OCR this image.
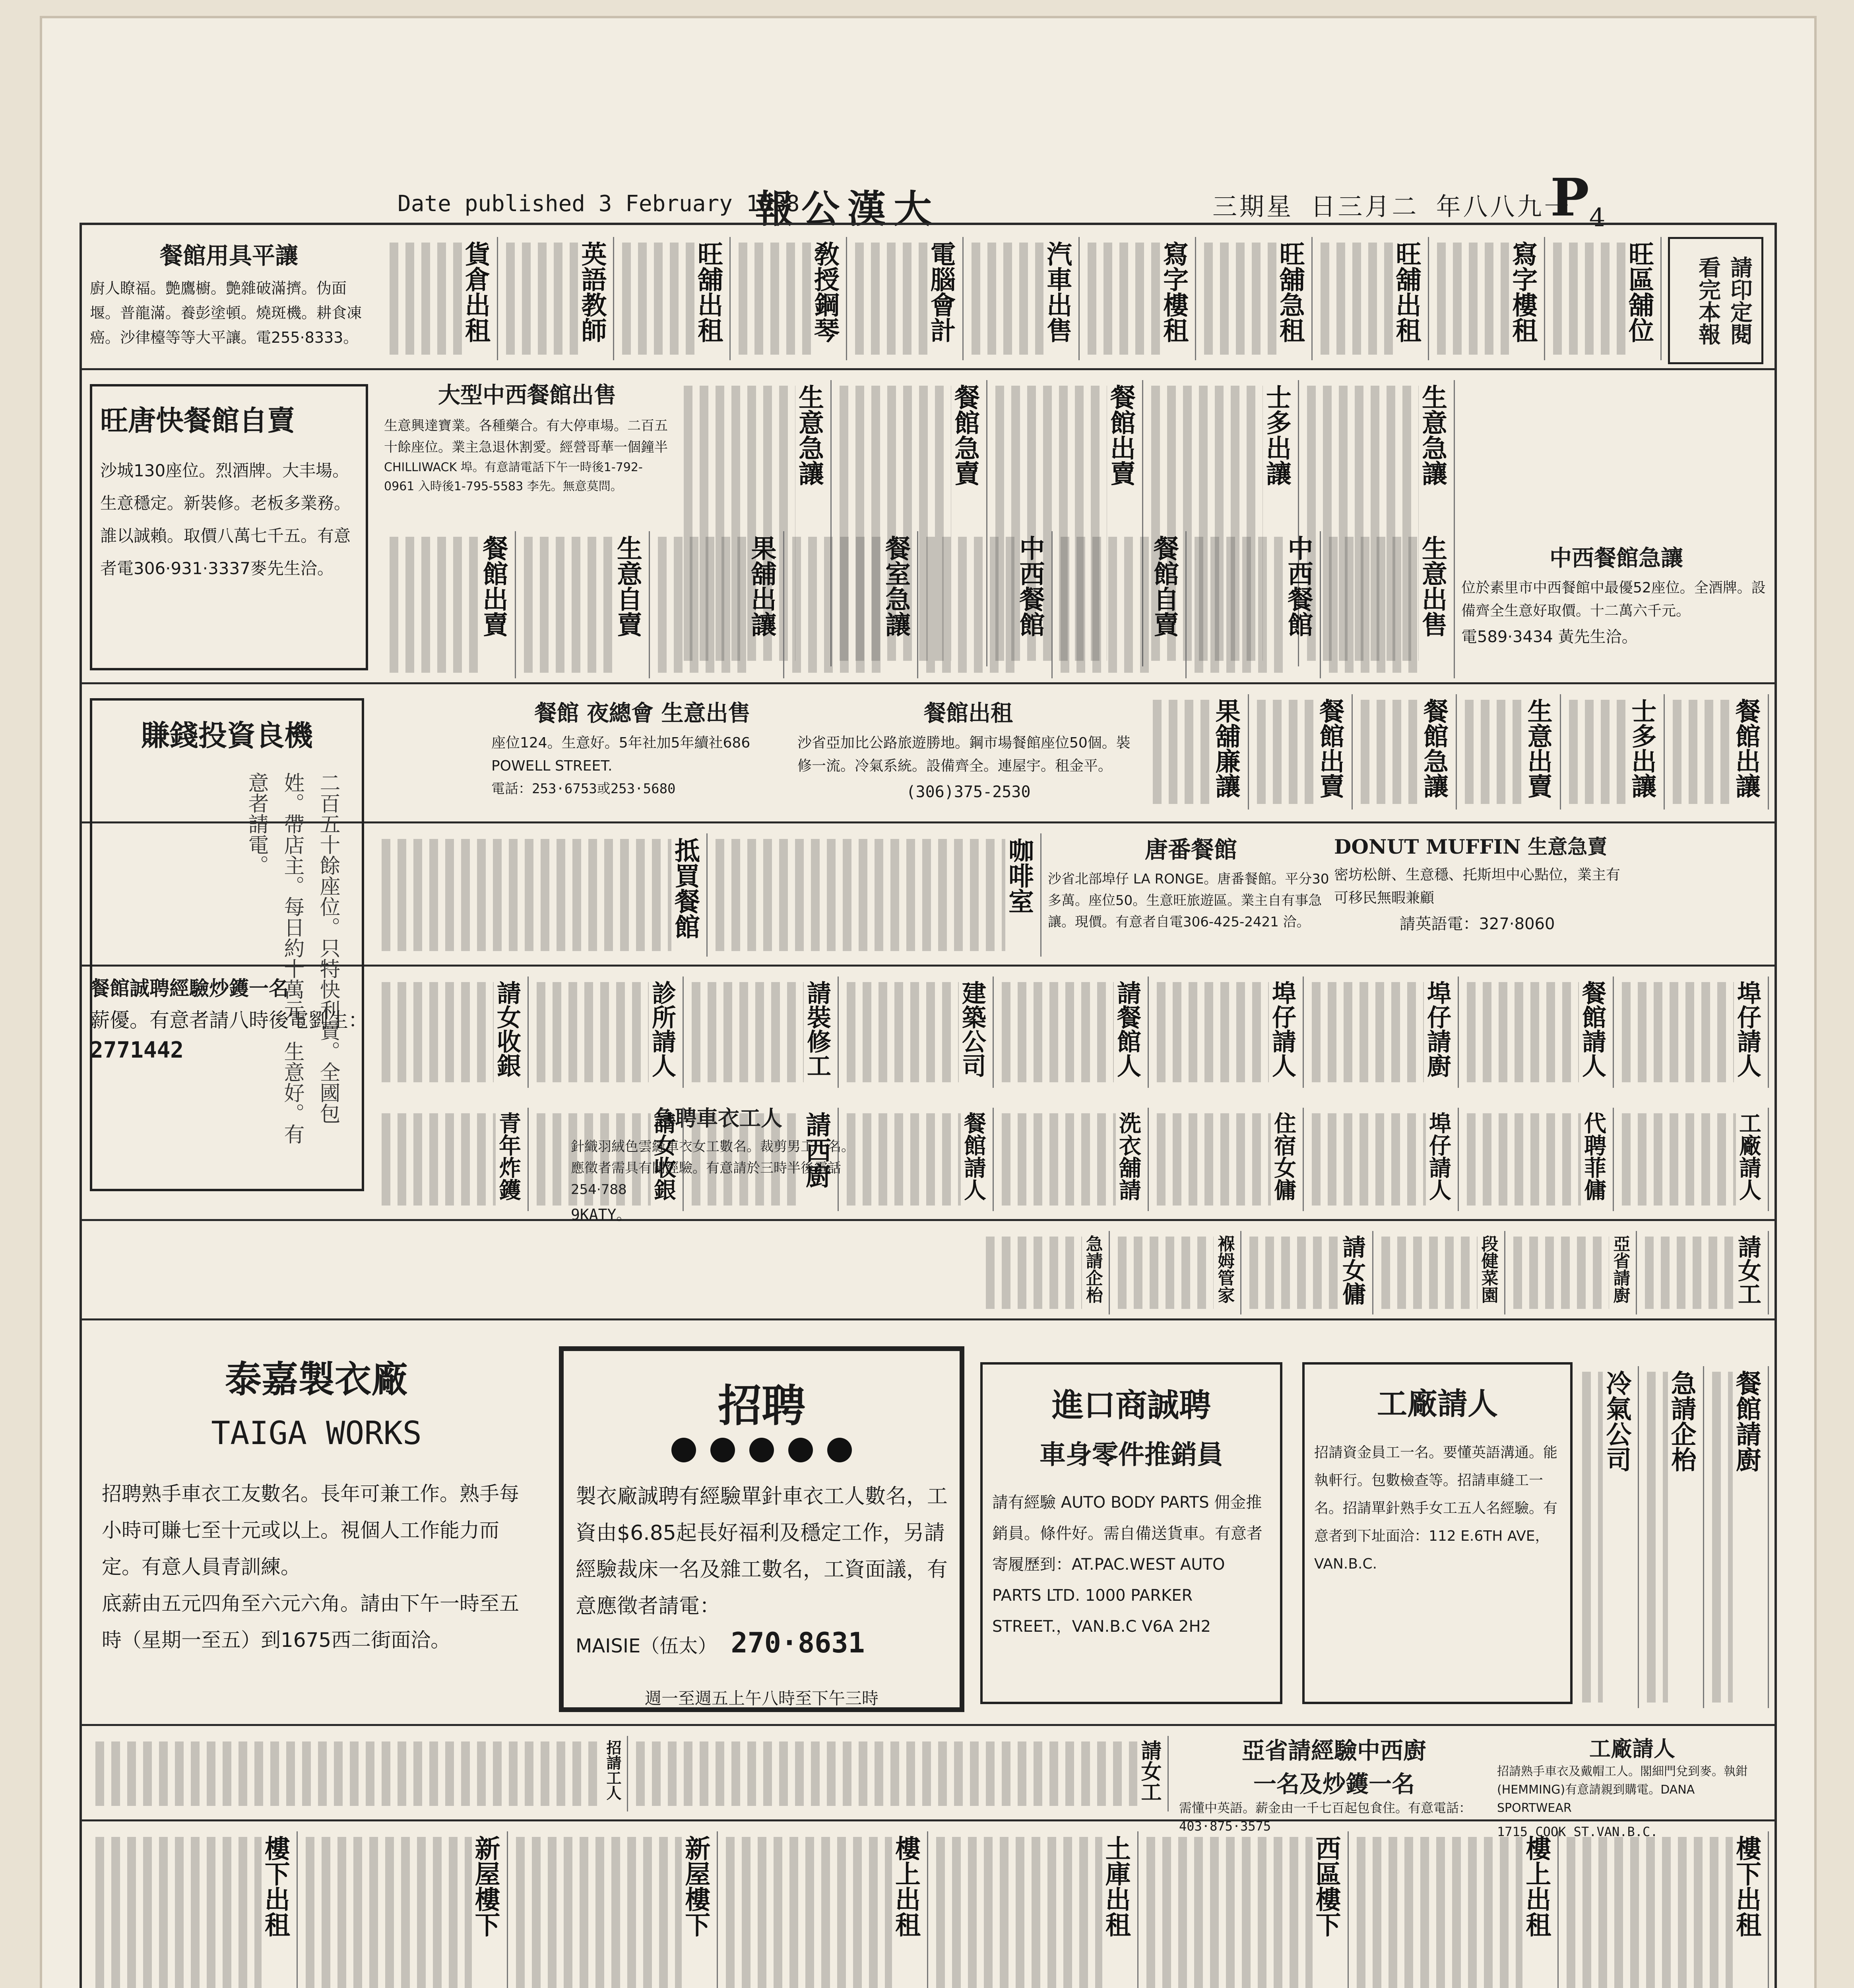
Date published 3 February 1988
報公漢大	三期星 日三月二 年八八九一
$P_4$
請印定閱 看完本報
餐館用具平讓
廚人瞭福。艶鷹櫥。艶雜破滿擠。伪面堰。普龍滿。養彭塗頓。燒斑機。耕食凍癌。沙律檯等等大平讓。電255·8333。
旺唐快餐館自賣
沙城130座位。烈酒牌。大丰場。生意穩定。新裝修。老板多業務。誰以誠賴。取價八萬七千五。有意者電306·931·3337麥先生洽。
大型中西餐館出售
生意興達寶業。各種藥合。有大停車場。二百五十餘座位。業主急退休割愛。經營哥華一個鐘半
CHILLIWACK 埠。有意請電話下午一時後1-792-0961 入時後1-795-5583 李先。無意莫問。
賺錢投資良機
二百五十餘座位。只特快利賣。全國包姓。帶店主。每日約十萬元。生意好。有意者請電。
餐館 夜總會 生意出售
座位124。生意好。5年社加5年續社686 POWELL STREET.
電話：253·6753或253·5680
餐館出租
沙省亞加比公路旅遊勝地。鋼市場餐館座位50個。裝修一流。冷氣系統。設備齊全。連屋宇。租金平。
(306)375-2530
DONUT MUFFIN 生意急賣
密坊松餅、生意穩、托斯坦中心點位，業主有可移民無暇兼顧
請英語電：327·8060
中西餐館急讓
位於素里市中西餐館中最優52座位。全酒牌。設備齊全生意好取價。十二萬六千元。
電589·3434 黃先生洽。
唐番餐館
沙省北部埠仔 LA RONGE。唐番餐館。平分30多萬。座位50。生意旺旅遊區。業主自有事急讓。現價。有意者自電306-425-2421 洽。
餐館誠聘經驗炒鑊一名
薪優。有意者請八時後電劉生：
2771442
急聘車衣工人
針織羽絨色雲縫車衣女工數名。裁剪男工一名。應徵者需具有關經驗。有意請於三時半後電話254·788
9KATY。
泰嘉製衣廠
TAIGA WORKS
招聘熟手車衣工友數名。長年可兼工作。熟手每小時可賺七至十元或以上。視個人工作能力而定。有意人員青訓練。
底薪由五元四角至六元六角。請由下午一時至五時（星期一至五）到1675西二街面洽。
招聘
製衣廠誠聘有經驗單針車衣工人數名，工資由$6.85起長好福利及穩定工作，另請經驗裁床一名及雜工數名，工資面議，有意應徵者請電：
MAISIE（伍太） 270·8631
週一至週五上午八時至下午三時
進口商誠聘
車身零件推銷員
請有經驗 AUTO BODY PARTS 佣金推銷員。條件好。需自備送貨車。有意者寄履歷到：AT.PAC.WEST AUTO PARTS LTD. 1000 PARKER STREET.，VAN.B.C V6A 2H2
工廠請人
招請資金員工一名。要懂英語溝通。能執軒行。包數檢查等。招請車縫工一名。招請單針熟手女工五人名經驗。有意者到下址面洽：112 E.6TH AVE，VAN.B.C.
亞省請經驗中西廚
一名及炒鑊一名
需懂中英語。薪金由一千七百起包食住。有意電話： 403·875·3575
工廠請人
招請熟手車衣及戴帽工人。閣細門兌到麥。執鉗(HEMMING)有意請親到購電。DANA SPORTWEAR
1715 COOK ST.VAN.B.C.
貨倉出租	英語教師	旺舖出租	敎授鋼琴	電腦會計	汽車出售	寫字樓租	旺舖急租	旺舖出租	寫字樓租	旺區舖位
生意急讓	餐館急賣	餐館出賣	士多出讓	生意急讓
餐館出賣	生意自賣	果舖出讓	餐室急讓	中西餐館	餐館自賣	中西餐館	生意出售
果舖廉讓	餐館出賣	餐館急讓	生意出賣	士多出讓	餐館出讓
抵買餐館	咖啡室
請女收銀	診所請人	請裝修工	建築公司	請餐館人	埠仔請人	埠仔請廚	餐館請人	埠仔請人
青年炸鑊	請女收銀	請西廚	餐館請人	洗衣舖請	住宿女傭	埠仔請人	代聘菲傭	工廠請人
急請企枱	褓姆管家	請女傭	段健菜園	亞省請廚	請女工
冷氣公司 急請企枱 餐館請廚
招請工人	請女工
樓下出租	新屋樓下	新屋樓下	樓上出租	土庫出租	西區樓下	樓上出租	樓下出租
